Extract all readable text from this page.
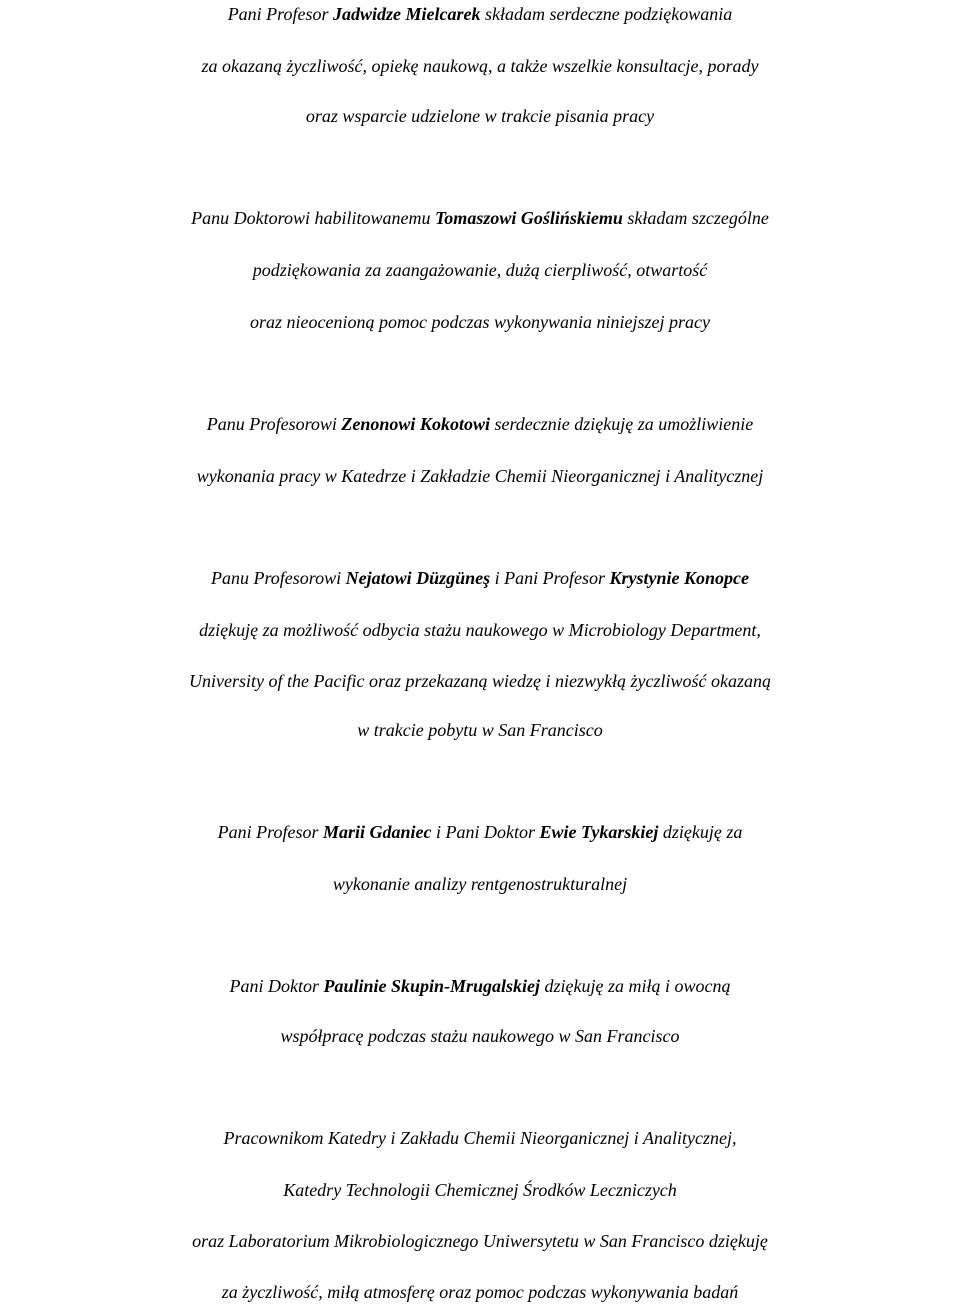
Pani Profesor Jadwidze Mielcarek składam serdeczne podziękowania
za okazaną życzliwość, opiekę naukową, a także wszelkie konsultacje, porady
oraz wsparcie udzielone w trakcie pisania pracy
Panu Doktorowi habilitowanemu Tomaszowi Goślińskiemu składam szczególne
podziękowania za zaangażowanie, dużą cierpliwość, otwartość
oraz nieocenioną pomoc podczas wykonywania niniejszej pracy
Panu Profesorowi Zenonowi Kokotowi serdecznie dziękuję za umożliwienie
wykonania pracy w Katedrze i Zakładzie Chemii Nieorganicznej i Analitycznej
Panu Profesorowi Nejatowi Düzgüneş i Pani Profesor Krystynie Konopce
dziękuję za możliwość odbycia stażu naukowego w Microbiology Department,
University of the Pacific oraz przekazaną wiedzę i niezwykłą życzliwość okazaną
w trakcie pobytu w San Francisco
Pani Profesor Marii Gdaniec i Pani Doktor Ewie Tykarskiej dziękuję za
wykonanie analizy rentgenostrukturalnej
Pani Doktor Paulinie Skupin-Mrugalskiej dziękuję za miłą i owocną
współpracę podczas stażu naukowego w San Francisco
Pracownikom Katedry i Zakładu Chemii Nieorganicznej i Analitycznej,
Katedry Technologii Chemicznej Środków Leczniczych
oraz Laboratorium Mikrobiologicznego Uniwersytetu w San Francisco dziękuję
za życzliwość, miłą atmosferę oraz pomoc podczas wykonywania badań
